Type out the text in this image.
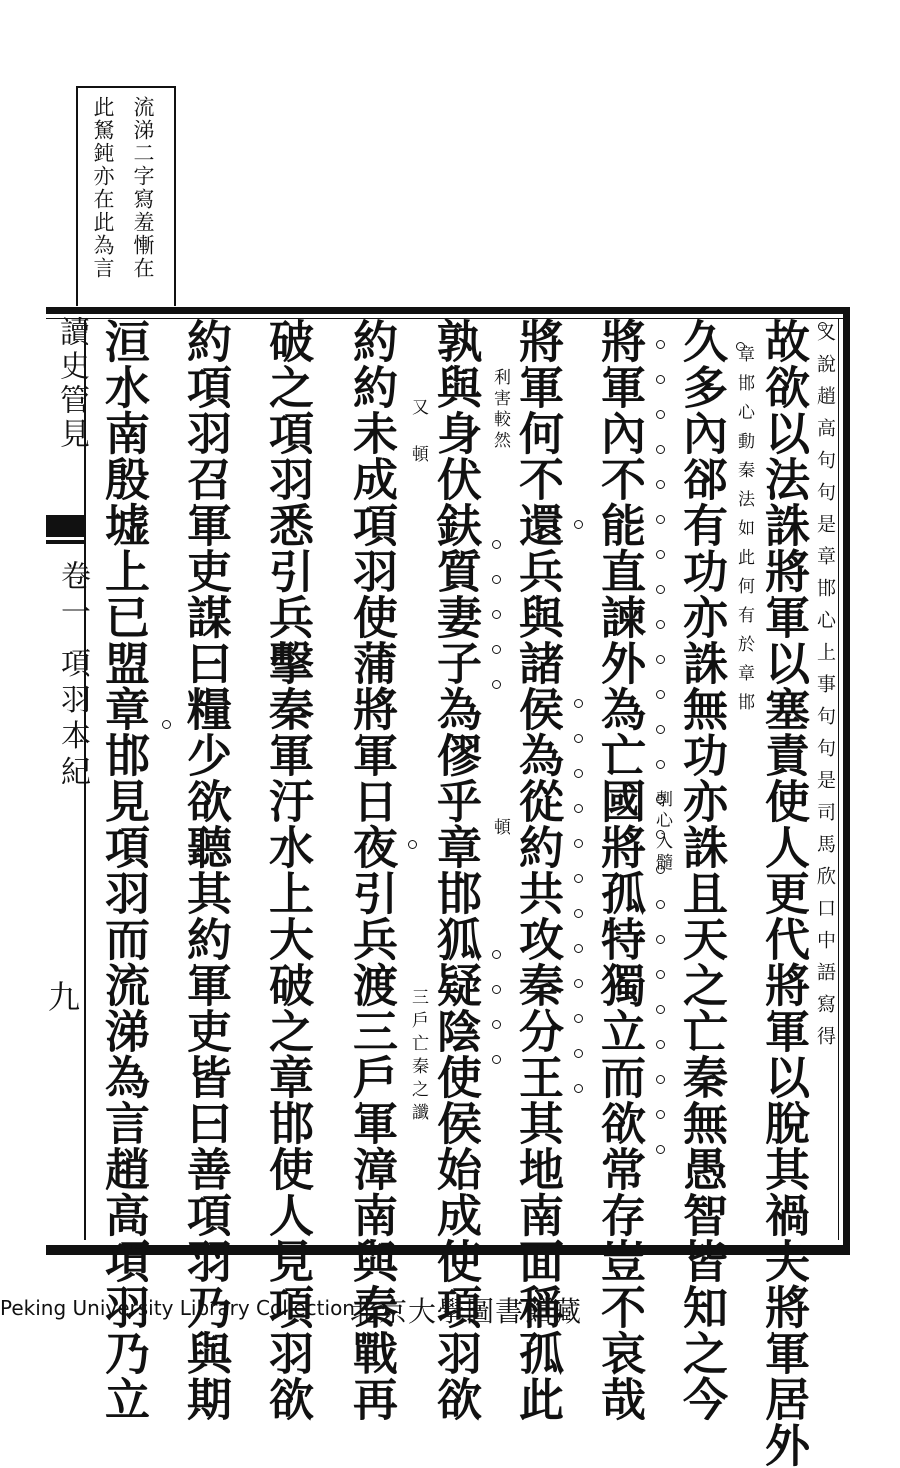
流涕二字寫羞慚在
此駑鈍亦在此為言
讀史管見
卷一 項羽本紀
九	故欲以法誅將軍以塞責使人更代將軍以脫其禍夫將軍居外
久多內郤有功亦誅無功亦誅且天之亡秦無愚智皆知之今
將軍內不能直諫外為亡國將孤特獨立而欲常存豈不哀哉
將軍何不還兵與諸侯為從約共攻秦分王其地南面稱孤此
孰與身伏鈇質妻子為僇乎章邯狐疑陰使侯始成使項羽欲
約約未成項羽使蒲將軍日夜引兵渡三戶軍漳南與秦戰再
破之項羽悉引兵擊秦軍汙水上大破之章邯使人見項羽欲
約項羽召軍吏謀曰糧少欲聽其約軍吏皆曰善項羽乃與期
洹水南殷墟上已盟章邯見項羽而流涕為言趙高項羽乃立	又說趙高句句是章邯心上事句句是司馬欣口中語寫得
章邯心動秦法如此何有於章邯
剸心入髓
利害較然
頓
又頓
三戶亡秦之讖
Peking University Library Collection
北京大學圖書館藏
